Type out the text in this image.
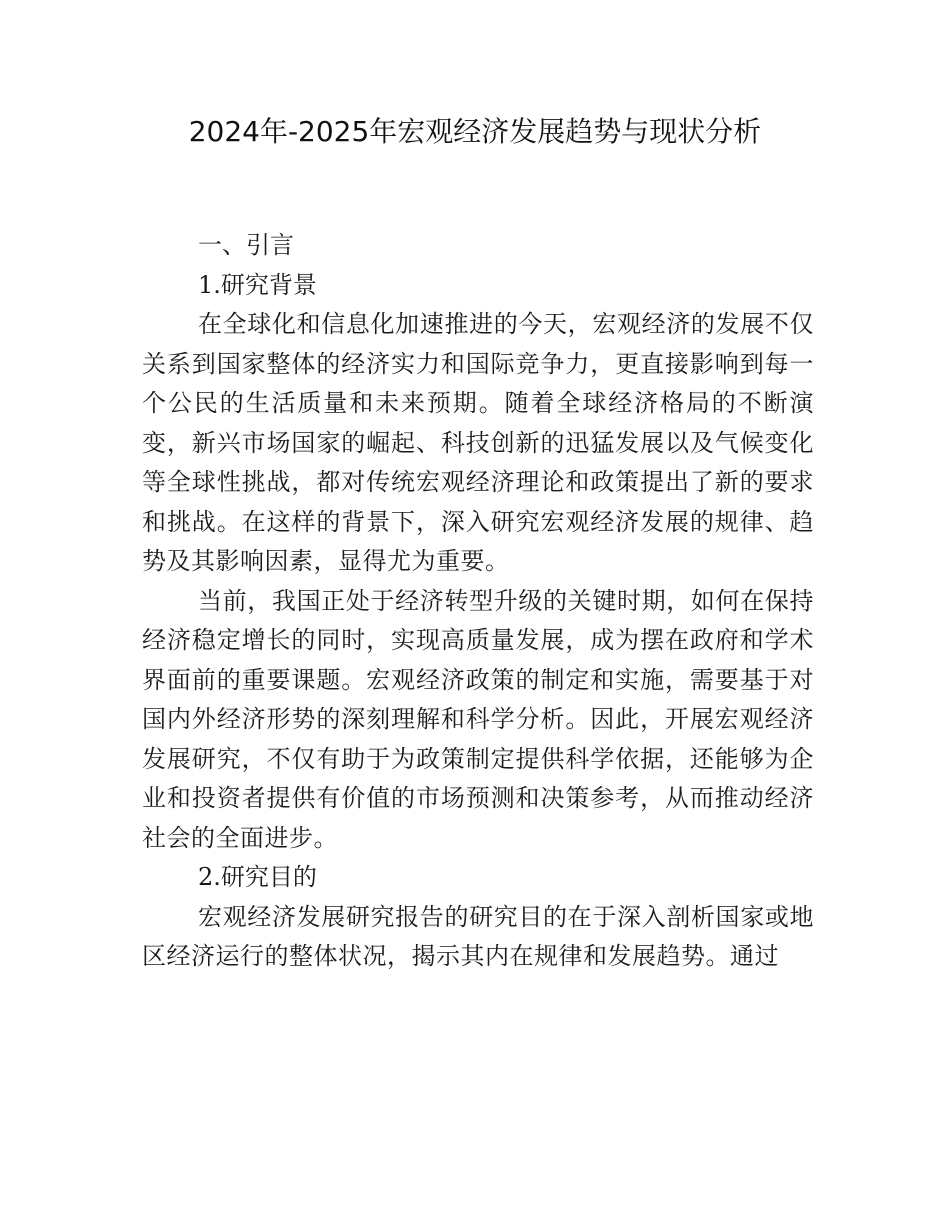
2024年-2025年宏观经济发展趋势与现状分析
一、引言
1.研究背景

在全球化和信息化加速推进的今天，宏观经济的发展不仅关系到国家整体的经济实力和国际竞争力，更直接影响到每一个公民的生活质量和未来预期。随着全球经济格局的不断演变，新兴市场国家的崛起、科技创新的迅猛发展以及气候变化等全球性挑战，都对传统宏观经济理论和政策提出了新的要求和挑战。在这样的背景下，深入研究宏观经济发展的规律、趋势及其影响因素，显得尤为重要。

当前，我国正处于经济转型升级的关键时期，如何在保持经济稳定增长的同时，实现高质量发展，成为摆在政府和学术界面前的重要课题。宏观经济政策的制定和实施，需要基于对国内外经济形势的深刻理解和科学分析。因此，开展宏观经济发展研究，不仅有助于为政策制定提供科学依据，还能够为企业和投资者提供有价值的市场预测和决策参考，从而推动经济社会的全面进步。

2.研究目的

宏观经济发展研究报告的研究目的在于深入剖析国家或地区经济运行的整体状况，揭示其内在规律和发展趋势。通过
